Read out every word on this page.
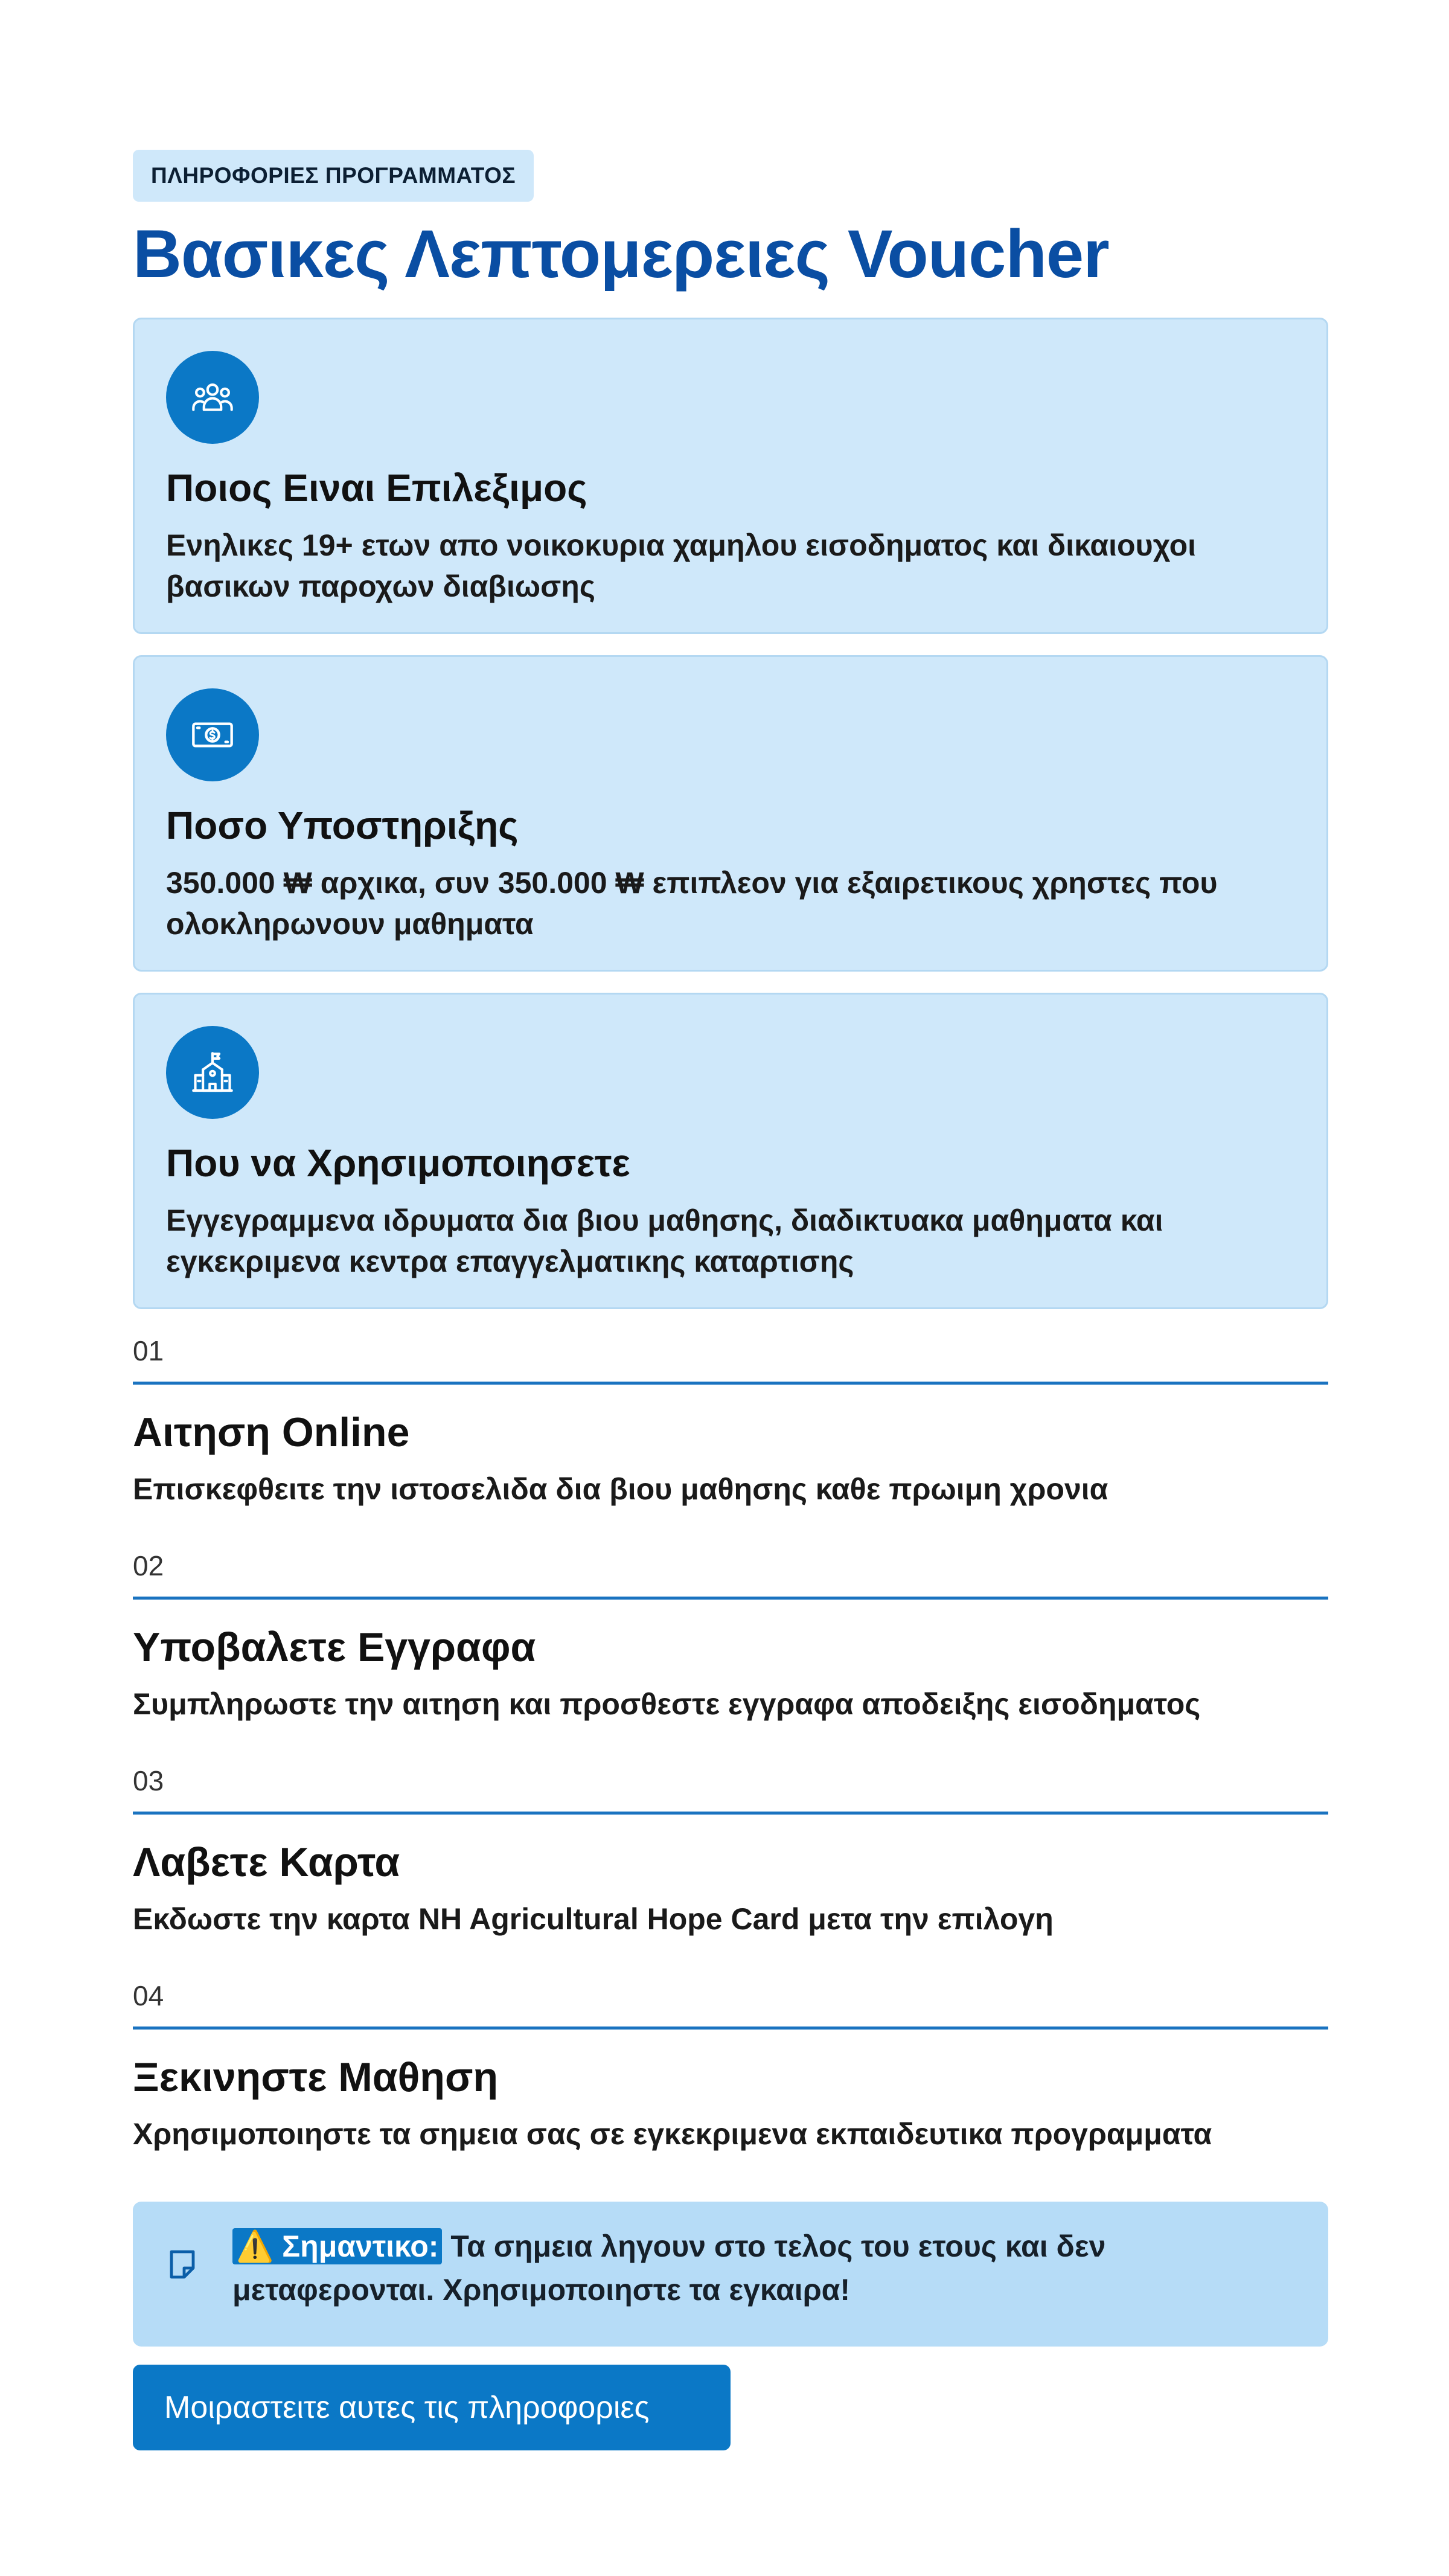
ΠΛΗΡΟΦΟΡΙΕΣ ΠΡΟΓΡΑΜΜΑΤΟΣ
Βασικες Λεπτομερειες Voucher
Ποιος Ειναι Επιλεξιμος
Ενηλικες 19+ ετων απο νοικοκυρια χαμηλου εισοδηματος και δικαιουχοι βασικων παροχων διαβιωσης
Ποσο Υποστηριξης
350.000 ₩ αρχικα, συν 350.000 ₩ επιπλεον για εξαιρετικους χρηστες που ολοκληρωνουν μαθηματα
Που να Χρησιμοποιησετε
Εγγεγραμμενα ιδρυματα δια βιου μαθησης, διαδικτυακα μαθηματα και εγκεκριμενα κεντρα επαγγελματικης καταρτισης
01
Αιτηση Online
Επισκεφθειτε την ιστοσελιδα δια βιου μαθησης καθε πρωιμη χρονια
02
Υποβαλετε Εγγραφα
Συμπληρωστε την αιτηση και προσθεστε εγγραφα αποδειξης εισοδηματος
03
Λαβετε Καρτα
Εκδωστε την καρτα NH Agricultural Hope Card μετα την επιλογη
04
Ξεκινηστε Μαθηση
Χρησιμοποιηστε τα σημεια σας σε εγκεκριμενα εκπαιδευτικα προγραμματα
⚠️ Σημαντικο: Τα σημεια ληγουν στο τελος του ετους και δεν μεταφερονται. Χρησιμοποιηστε τα εγκαιρα!
Μοιραστειτε αυτες τις πληροφοριες
